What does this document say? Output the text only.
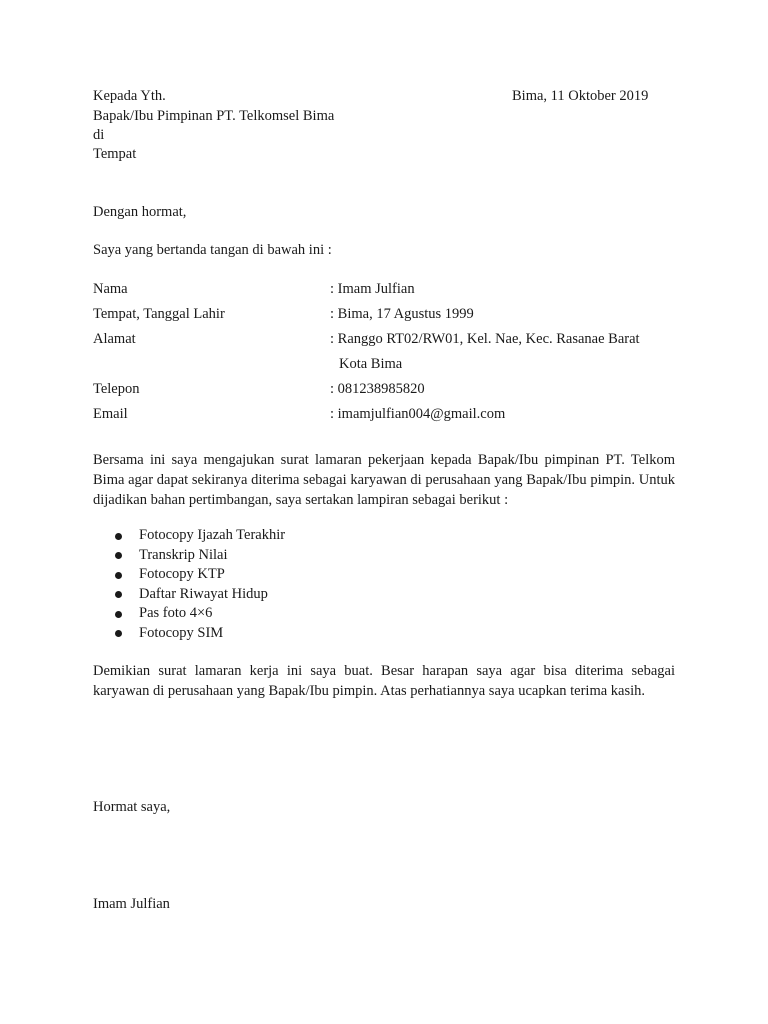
Kepada Yth.	Bima, 11 Oktober 2019
Bapak/Ibu Pimpinan PT. Telkomsel Bima
di
Tempat
Dengan hormat,
Saya yang bertanda tangan di bawah ini :
Nama	: Imam Julfian
Tempat, Tanggal Lahir	: Bima, 17 Agustus 1999
Alamat	: Ranggo RT02/RW01, Kel. Nae, Kec. Rasanae Barat
Kota Bima
Telepon	: 081238985820
Email	: imamjulfian004@gmail.com
Bersama ini saya mengajukan surat lamaran pekerjaan kepada Bapak/Ibu pimpinan PT. Telkom Bima agar dapat sekiranya diterima sebagai karyawan di perusahaan yang Bapak/Ibu pimpin. Untuk dijadikan bahan pertimbangan, saya sertakan lampiran sebagai berikut :
Fotocopy Ijazah Terakhir
Transkrip Nilai
Fotocopy KTP
Daftar Riwayat Hidup
Pas foto 4×6
Fotocopy SIM
Demikian surat lamaran kerja ini saya buat. Besar harapan saya agar bisa diterima sebagai karyawan di perusahaan yang Bapak/Ibu pimpin. Atas perhatiannya saya ucapkan terima kasih.
Hormat saya,
Imam Julfian
